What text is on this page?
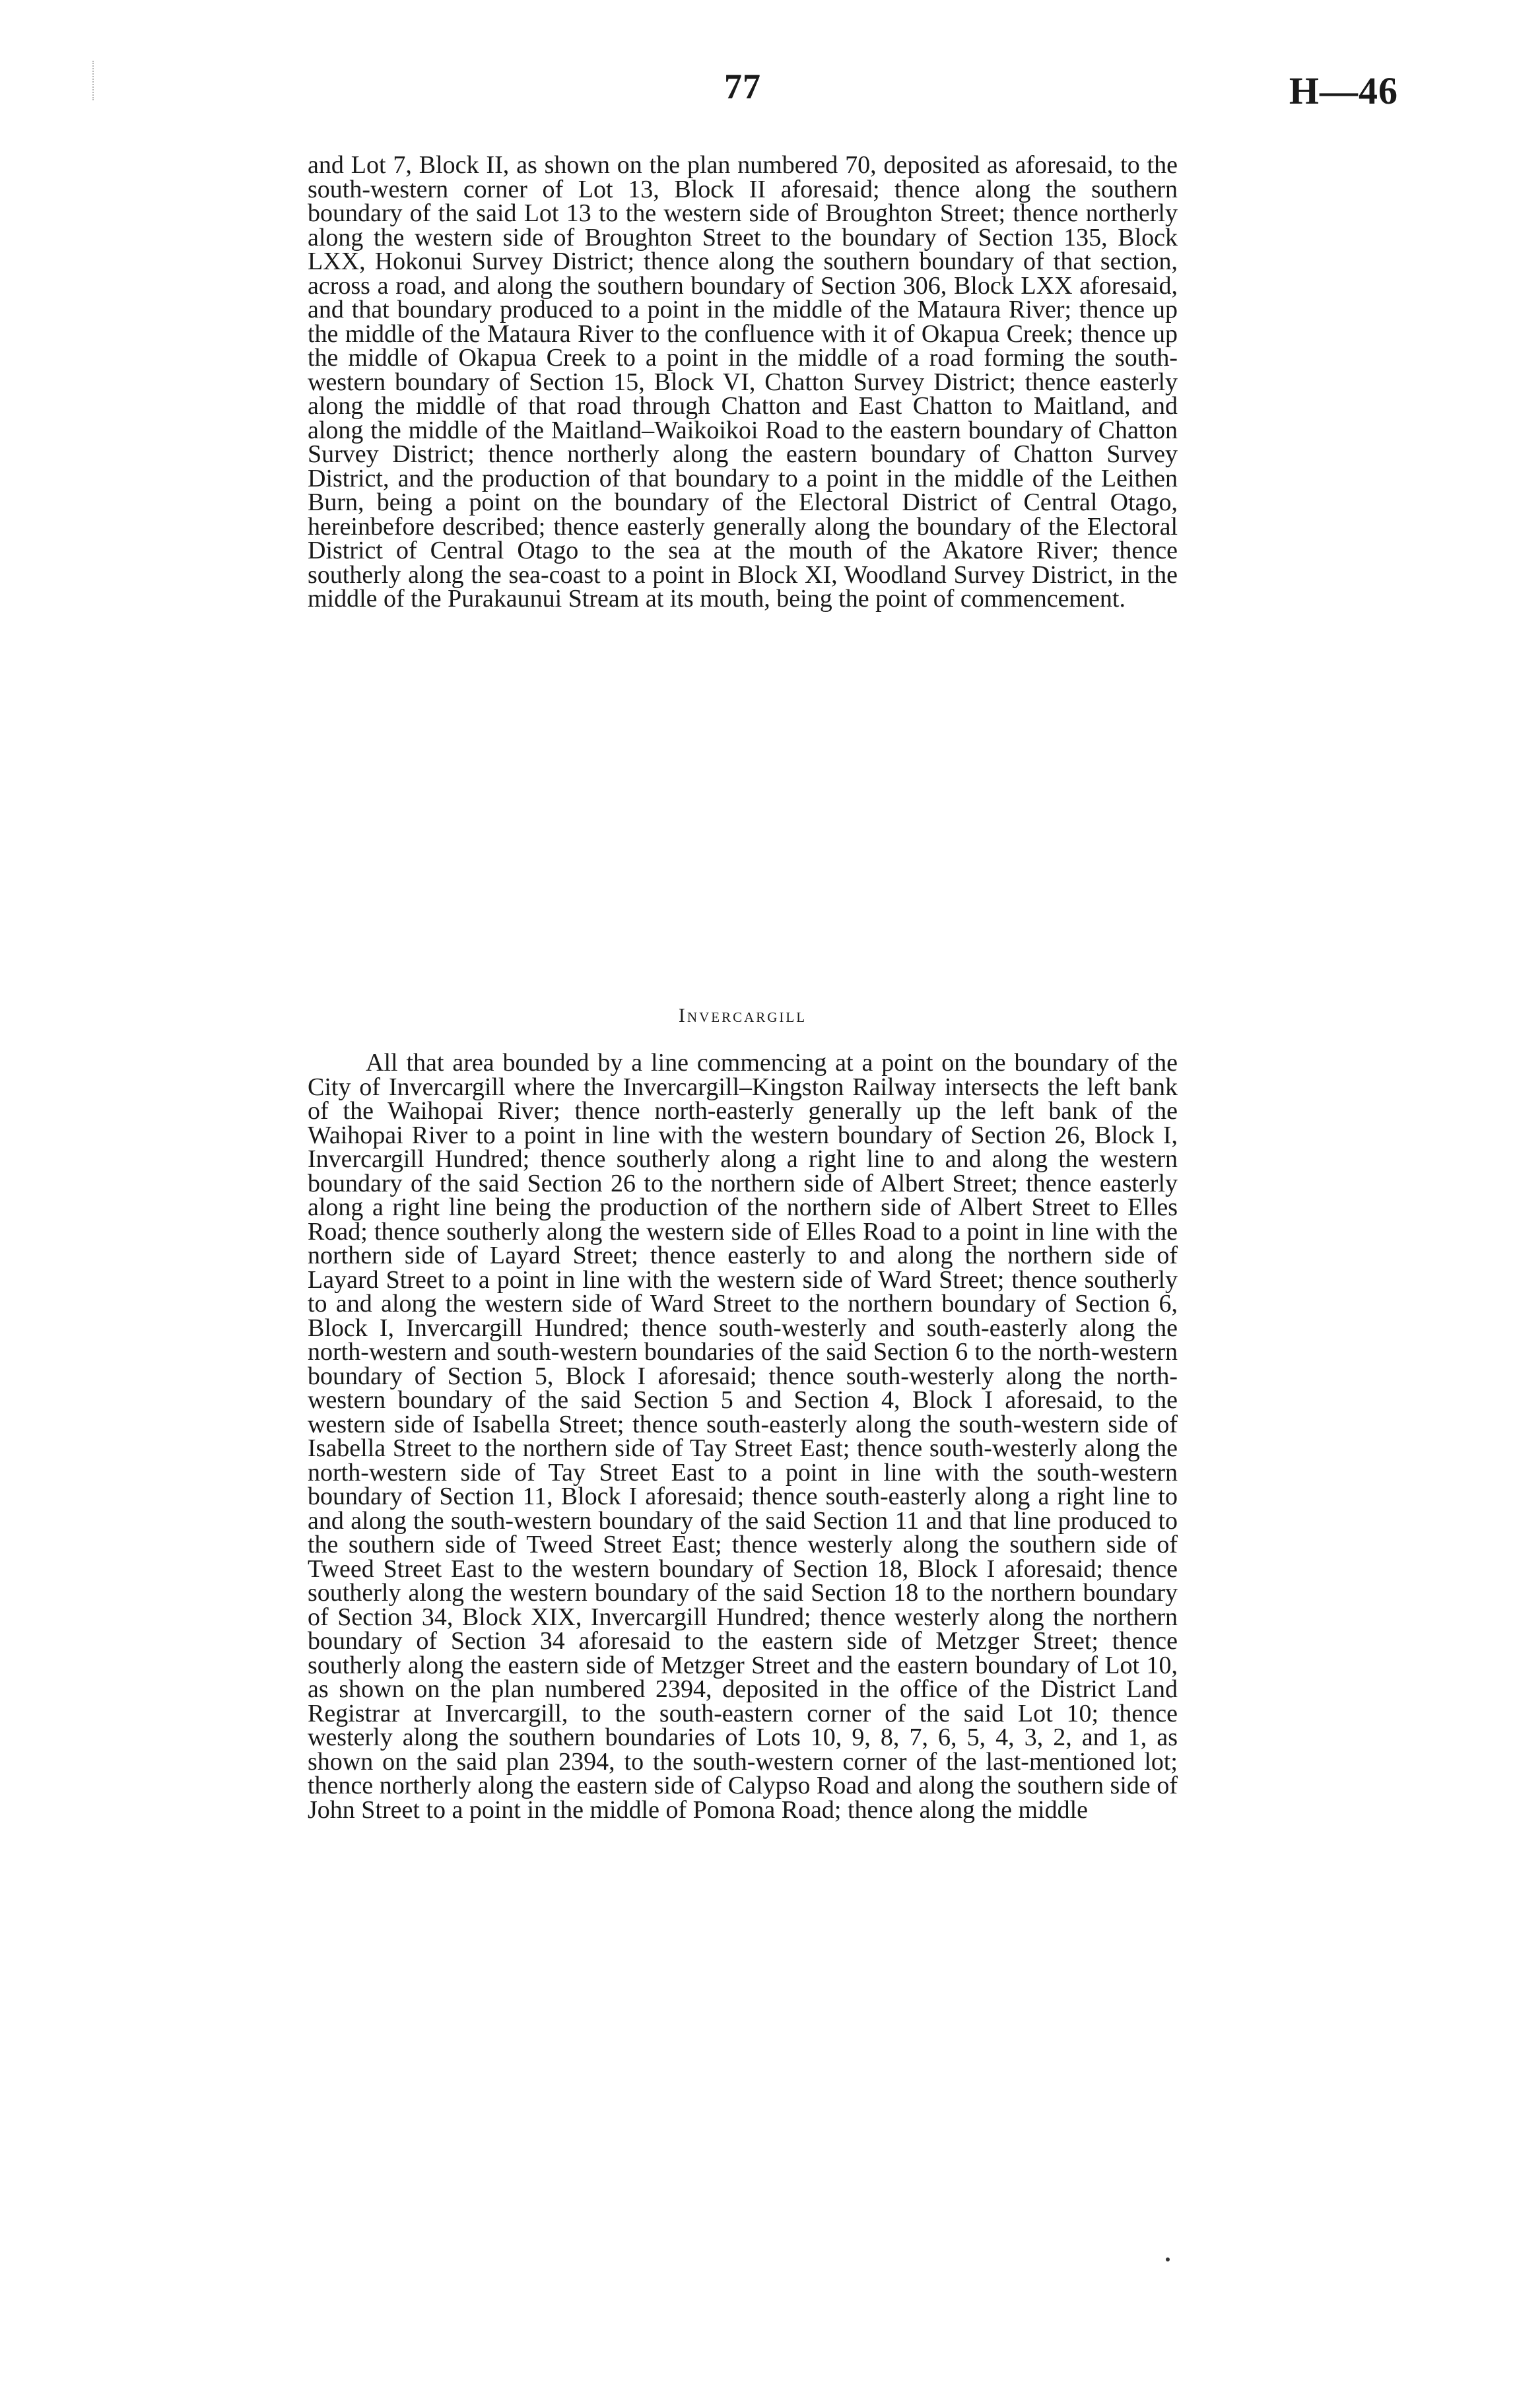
77	H—46

and Lot 7, Block II, as shown on the plan numbered 70, deposited as aforesaid, to the south-western corner of Lot 13, Block II aforesaid; thence along the southern boundary of the said Lot 13 to the western side of Broughton Street; thence northerly along the western side of Broughton Street to the boundary of Section 135, Block LXX, Hokonui Survey District; thence along the southern boundary of that section, across a road, and along the southern boundary of Section 306, Block LXX aforesaid, and that boundary produced to a point in the middle of the Mataura River; thence up the middle of the Mataura River to the confluence with it of Okapua Creek; thence up the middle of Okapua Creek to a point in the middle of a road forming the south-western boundary of Section 15, Block VI, Chatton Survey District; thence easterly along the middle of that road through Chatton and East Chatton to Maitland, and along the middle of the Maitland–Waikoikoi Road to the eastern boundary of Chatton Survey District; thence northerly along the eastern boundary of Chatton Survey District, and the production of that boundary to a point in the middle of the Leithen Burn, being a point on the boundary of the Electoral District of Central Otago, hereinbefore described; thence easterly generally along the boundary of the Electoral District of Central Otago to the sea at the mouth of the Akatore River; thence southerly along the sea-coast to a point in Block XI, Woodland Survey District, in the middle of the Purakaunui Stream at its mouth, being the point of commencement.

Invercargill

All that area bounded by a line commencing at a point on the boundary of the City of Invercargill where the Invercargill–Kingston Railway intersects the left bank of the Waihopai River; thence north-easterly generally up the left bank of the Waihopai River to a point in line with the western boundary of Section 26, Block I, Invercargill Hundred; thence southerly along a right line to and along the western boundary of the said Section 26 to the northern side of Albert Street; thence easterly along a right line being the production of the northern side of Albert Street to Elles Road; thence southerly along the western side of Elles Road to a point in line with the northern side of Layard Street; thence easterly to and along the northern side of Layard Street to a point in line with the western side of Ward Street; thence southerly to and along the western side of Ward Street to the northern boundary of Section 6, Block I, Invercargill Hundred; thence south-westerly and south-easterly along the north-western and south-western boundaries of the said Section 6 to the north-western boundary of Section 5, Block I aforesaid; thence south-westerly along the north-western boundary of the said Section 5 and Section 4, Block I aforesaid, to the western side of Isabella Street; thence south-easterly along the south-western side of Isabella Street to the northern side of Tay Street East; thence south-westerly along the north-western side of Tay Street East to a point in line with the south-western boundary of Section 11, Block I aforesaid; thence south-easterly along a right line to and along the south-western boundary of the said Section 11 and that line produced to the southern side of Tweed Street East; thence westerly along the southern side of Tweed Street East to the western boundary of Section 18, Block I aforesaid; thence southerly along the western boundary of the said Section 18 to the northern boundary of Section 34, Block XIX, Invercargill Hundred; thence westerly along the northern boundary of Section 34 aforesaid to the eastern side of Metzger Street; thence southerly along the eastern side of Metzger Street and the eastern boundary of Lot 10, as shown on the plan numbered 2394, deposited in the office of the District Land Registrar at Invercargill, to the south-eastern corner of the said Lot 10; thence westerly along the southern boundaries of Lots 10, 9, 8, 7, 6, 5, 4, 3, 2, and 1, as shown on the said plan 2394, to the south-western corner of the last-mentioned lot; thence northerly along the eastern side of Calypso Road and along the southern side of John Street to a point in the middle of Pomona Road; thence along the middle
